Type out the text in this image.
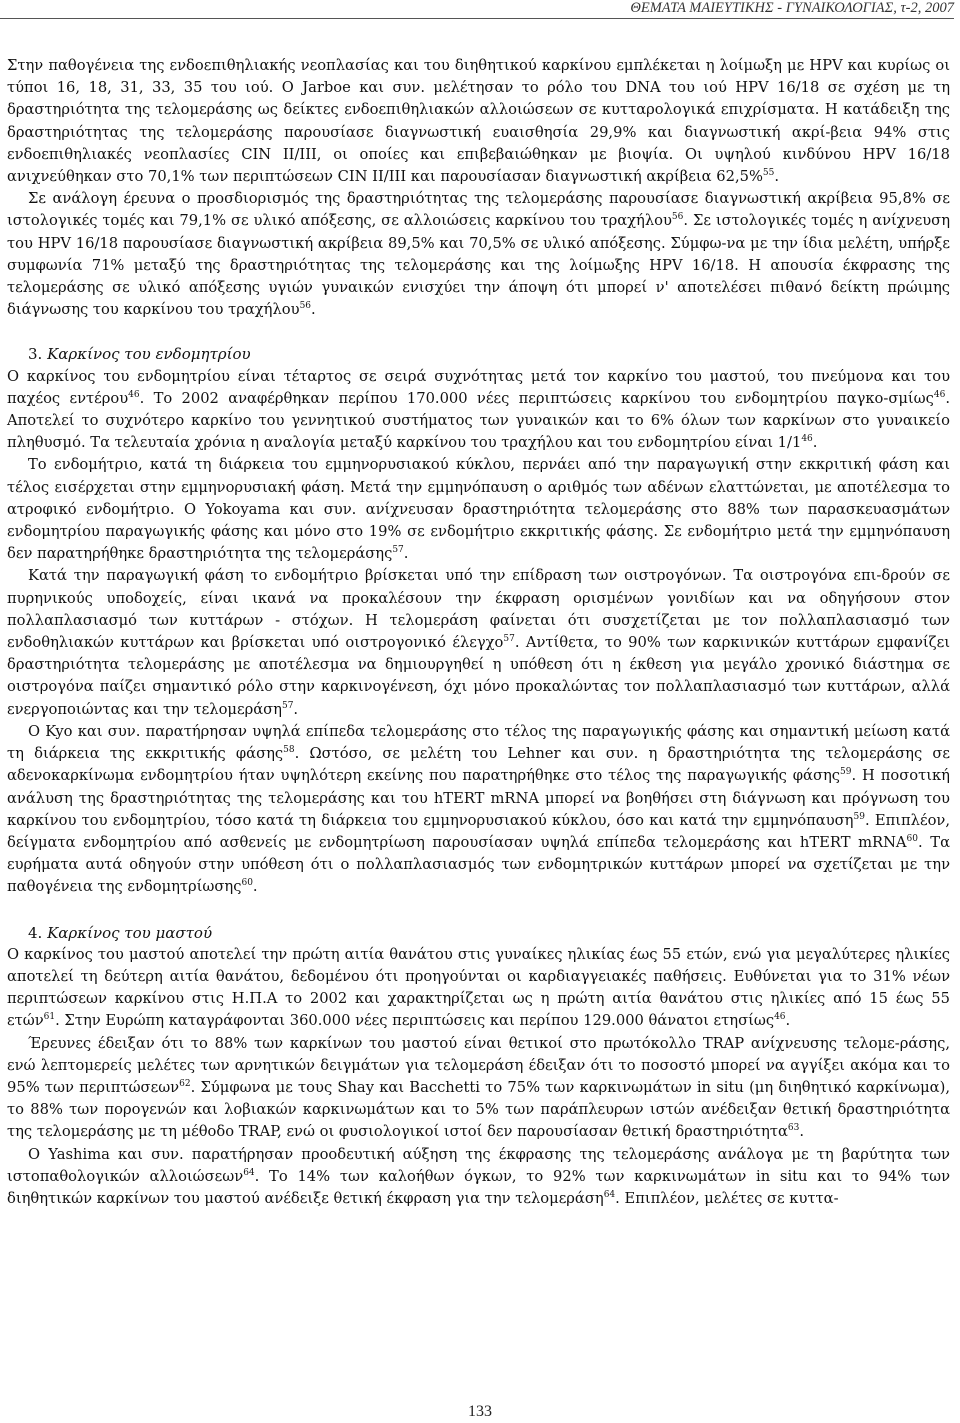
ΘΕΜΑΤΑ ΜΑΙΕΥΤΙΚΗΣ - ΓΥΝΑΙΚΟΛΟΓΙΑΣ, τ-2, 2007

Στην παθογένεια της ενδοεπιθηλιακής νεοπλασίας και του διηθητικού καρκίνου εμπλέκεται η λοίμωξη με HPV και κυρίως οι τύποι 16, 18, 31, 33, 35 του ιού. O Jarboe και συν. μελέτησαν το ρόλο του DNA του ιού HPV 16/18 σε σχέση με τη δραστηριότητα της τελομεράσης ως δείκτες ενδοεπιθηλιακών αλλοιώσεων σε κυτταρολογικά επιχρίσματα. Η κατάδειξη της δραστηριότητας της τελομεράσης παρουσίασε διαγνωστική ευαισθησία 29,9% και διαγνωστική ακρί-βεια 94% στις ενδοεπιθηλιακές νεοπλασίες CIN II/III, οι οποίες και επιβεβαιώθηκαν με βιοψία. Οι υψηλού κινδύνου HPV 16/18 ανιχνεύθηκαν στο 70,1% των περιπτώσεων CIN II/III και παρουσίασαν διαγνωστική ακρίβεια 62,5%$^{55}$.

Σε ανάλογη έρευνα ο προσδιορισμός της δραστηριότητας της τελομεράσης παρουσίασε διαγνωστική ακρίβεια 95,8% σε ιστολογικές τομές και 79,1% σε υλικό απόξεσης, σε αλλοιώσεις καρκίνου του τραχήλου$^{56}$. Σε ιστολογικές τομές η ανίχνευση του HPV 16/18 παρουσίασε διαγνωστική ακρίβεια 89,5% και 70,5% σε υλικό απόξεσης. Σύμφω-να με την ίδια μελέτη, υπήρξε συμφωνία 71% μεταξύ της δραστηριότητας της τελομεράσης και της λοίμωξης HPV 16/18. Η απουσία έκφρασης της τελομεράσης σε υλικό απόξεσης υγιών γυναικών ενισχύει την άποψη ότι μπορεί ν' αποτελέσει πιθανό δείκτη πρώιμης διάγνωσης του καρκίνου του τραχήλου$^{56}$.

3. Καρκίνος του ενδομητρίου

Ο καρκίνος του ενδομητρίου είναι τέταρτος σε σειρά συχνότητας μετά τον καρκίνο του μαστού, του πνεύμονα και του παχέος εντέρου$^{46}$. Το 2002 αναφέρθηκαν περίπου 170.000 νέες περιπτώσεις καρκίνου του ενδομητρίου παγκο-σμίως$^{46}$. Αποτελεί το συχνότερο καρκίνο του γεννητικού συστήματος των γυναικών και το 6% όλων των καρκίνων στο γυναικείο πληθυσμό. Τα τελευταία χρόνια η αναλογία μεταξύ καρκίνου του τραχήλου και του ενδομητρίου είναι $1/1^{46}$.

Το ενδομήτριο, κατά τη διάρκεια του εμμηνορυσιακού κύκλου, περνάει από την παραγωγική στην εκκριτική φάση και τέλος εισέρχεται στην εμμηνορυσιακή φάση. Μετά την εμμηνόπαυση ο αριθμός των αδένων ελαττώνεται, με αποτέλεσμα το ατροφικό ενδομήτριο. O Yokoyama και συν. ανίχνευσαν δραστηριότητα τελομεράσης στο 88% των παρασκευασμάτων ενδομητρίου παραγωγικής φάσης και μόνο στο 19% σε ενδομήτριο εκκριτικής φάσης. Σε ενδομήτριο μετά την εμμηνόπαυση δεν παρατηρήθηκε δραστηριότητα της τελομεράσης$^{57}$.

Κατά την παραγωγική φάση το ενδομήτριο βρίσκεται υπό την επίδραση των οιστρογόνων. Τα οιστρογόνα επι-δρούν σε πυρηνικούς υποδοχείς, είναι ικανά να προκαλέσουν την έκφραση ορισμένων γονιδίων και να οδηγήσουν στον πολλαπλασιασμό των κυττάρων - στόχων. Η τελομεράση φαίνεται ότι συσχετίζεται με τον πολλαπλασιασμό των ενδοθηλιακών κυττάρων και βρίσκεται υπό οιστρογονικό έλεγχο$^{57}$. Αντίθετα, το 90% των καρκινικών κυττάρων εμφανίζει δραστηριότητα τελομεράσης με αποτέλεσμα να δημιουργηθεί η υπόθεση ότι η έκθεση για μεγάλο χρονικό διάστημα σε οιστρογόνα παίζει σημαντικό ρόλο στην καρκινογένεση, όχι μόνο προκαλώντας τον πολλαπλασιασμό των κυττάρων, αλλά ενεργοποιώντας και την τελομεράση$^{57}$.

O Kyo και συν. παρατήρησαν υψηλά επίπεδα τελομεράσης στο τέλος της παραγωγικής φάσης και σημαντική μείωση κατά τη διάρκεια της εκκριτικής φάσης$^{58}$. Ωστόσο, σε μελέτη του Lehner και συν. η δραστηριότητα της τελομεράσης σε αδενοκαρκίνωμα ενδομητρίου ήταν υψηλότερη εκείνης που παρατηρήθηκε στο τέλος της παραγωγικής φάσης$^{59}$. Η ποσοτική ανάλυση της δραστηριότητας της τελομεράσης και του hTERT mRNA μπορεί να βοηθήσει στη διάγνωση και πρόγνωση του καρκίνου του ενδομητρίου, τόσο κατά τη διάρκεια του εμμηνορυσιακού κύκλου, όσο και κατά την εμμηνόπαυση$^{59}$. Επιπλέον, δείγματα ενδομητρίου από ασθενείς με ενδομητρίωση παρουσίασαν υψηλά επίπεδα τελομεράσης και hTERT mRNA$^{60}$. Τα ευρήματα αυτά οδηγούν στην υπόθεση ότι ο πολλαπλασιασμός των ενδομητρικών κυττάρων μπορεί να σχετίζεται με την παθογένεια της ενδομητρίωσης$^{60}$.

4. Καρκίνος του μαστού

Ο καρκίνος του μαστού αποτελεί την πρώτη αιτία θανάτου στις γυναίκες ηλικίας έως 55 ετών, ενώ για μεγαλύτερες ηλικίες αποτελεί τη δεύτερη αιτία θανάτου, δεδομένου ότι προηγούνται οι καρδιαγγειακές παθήσεις. Ευθύνεται για το 31% νέων περιπτώσεων καρκίνου στις Η.Π.Α το 2002 και χαρακτηρίζεται ως η πρώτη αιτία θανάτου στις ηλικίες από 15 έως 55 ετών$^{61}$. Στην Ευρώπη καταγράφονται 360.000 νέες περιπτώσεις και περίπου 129.000 θάνατοι ετησίως$^{46}$.

Έρευνες έδειξαν ότι το 88% των καρκίνων του μαστού είναι θετικοί στο πρωτόκολλο TRAP ανίχνευσης τελομε-ράσης, ενώ λεπτομερείς μελέτες των αρνητικών δειγμάτων για τελομεράση έδειξαν ότι το ποσοστό μπορεί να αγγίξει ακόμα και το 95% των περιπτώσεων$^{62}$. Σύμφωνα με τους Shay και Bacchetti το 75% των καρκινωμάτων in situ (μη διηθητικό καρκίνωμα), το 88% των πορογενών και λοβιακών καρκινωμάτων και το 5% των παράπλευρων ιστών ανέδειξαν θετική δραστηριότητα της τελομεράσης με τη μέθοδο TRAP, ενώ οι φυσιολογικοί ιστοί δεν παρουσίασαν θετική δραστηριότητα$^{63}$.

O Yashima και συν. παρατήρησαν προοδευτική αύξηση της έκφρασης της τελομεράσης ανάλογα με τη βαρύτητα των ιστοπαθολογικών αλλοιώσεων$^{64}$. Το 14% των καλοήθων όγκων, το 92% των καρκινωμάτων in situ και το 94% των διηθητικών καρκίνων του μαστού ανέδειξε θετική έκφραση για την τελομεράση$^{64}$. Επιπλέον, μελέτες σε κυττα-

133
